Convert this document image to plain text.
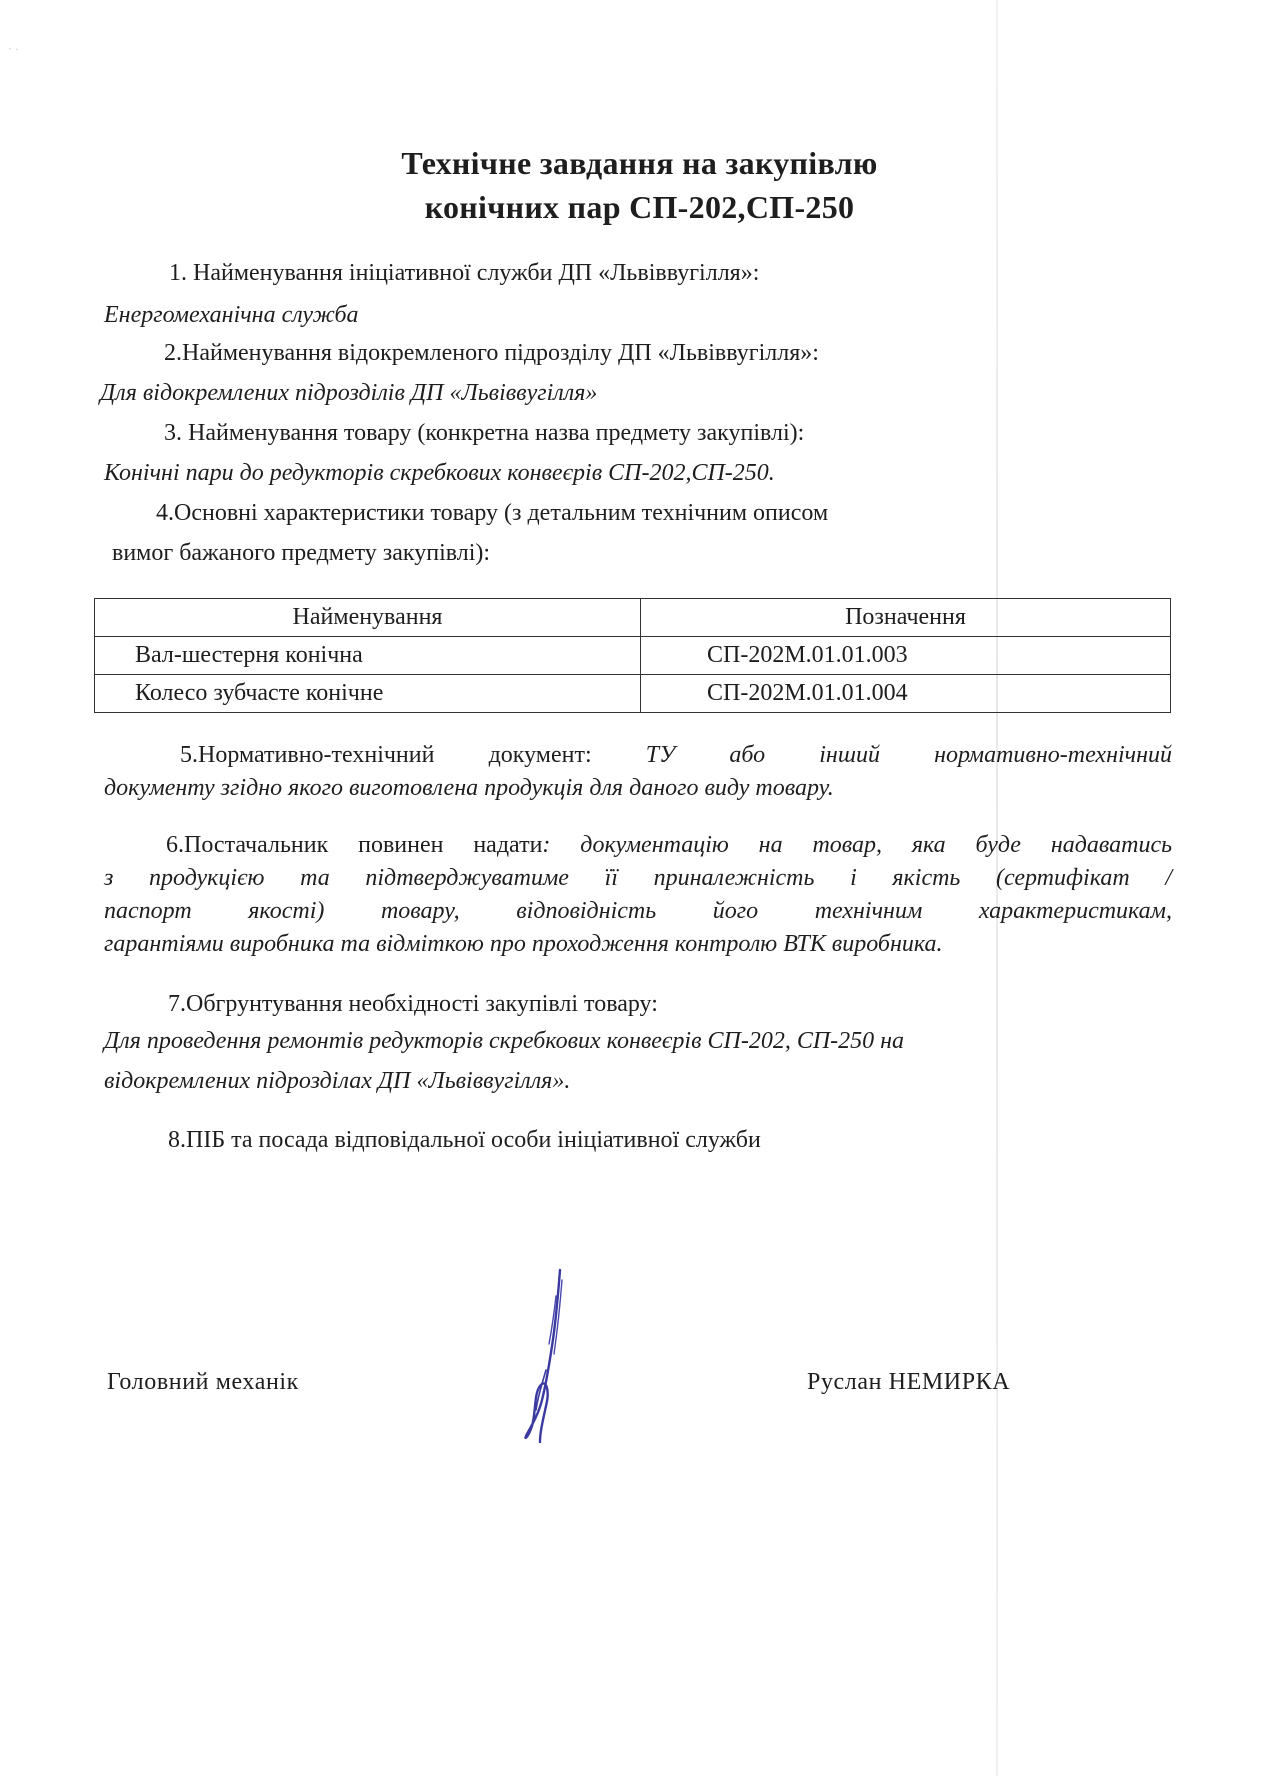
‧ ·
Технічне завдання на закупівлю
конічних пар СП-202,СП-250
1. Найменування ініціативної служби ДП «Львіввугілля»:
Енергомеханічна служба
2.Найменування відокремленого підрозділу ДП «Львіввугілля»:
Для відокремлених підрозділів ДП «Львіввугілля»
3. Найменування товару (конкретна назва предмету закупівлі):
Конічні пари до редукторів скребкових конвеєрів СП-202,СП-250.
4.Основні характеристики товару (з детальним технічним описом
вимог бажаного предмету закупівлі):
Найменування	Позначення
Вал-шестерня конічна	СП-202М.01.01.003
Колесо зубчасте конічне	СП-202М.01.01.004
5.Нормативно-технічний документ: ТУ або інший нормативно-технічний
документу згідно якого виготовлена продукція для даного виду товару.
6.Постачальник повинен надати: документацію на товар, яка буде надаватись
з продукцією та підтверджуватиме її приналежність і якість (сертифікат /
паспорт якості) товару, відповідність його технічним характеристикам,
гарантіями виробника та відміткою про проходження контролю ВТК виробника.
7.Обгрунтування необхідності закупівлі товару:
Для проведення ремонтів редукторів скребкових конвеєрів СП-202, СП-250 на
відокремлених підрозділах ДП «Львіввугілля».
8.ПІБ та посада відповідальної особи ініціативної служби
Головний механік	Руслан НЕМИРКА
